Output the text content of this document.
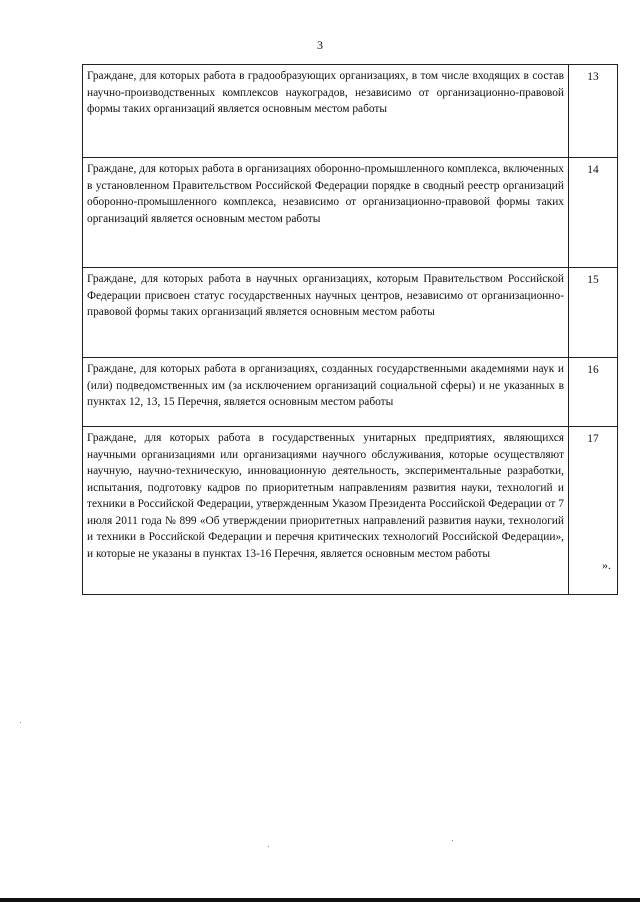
3
Граждане, для которых работа в градообразующих организациях, в том числе входящих в состав научно-производственных комплексов наукоградов, независимо от организационно-правовой формы таких организаций является основным местом работы	13
Граждане, для которых работа в организациях оборонно-промышленного комплекса, включенных в установленном Правительством Российской Федерации порядке в сводный реестр организаций оборонно-промышленного комплекса, независимо от организационно-правовой формы таких организаций является основным местом работы	14
Граждане, для которых работа в научных организациях, которым Правительством Российской Федерации присвоен статус государственных научных центров, независимо от организационно-правовой формы таких организаций является основным местом работы	15
Граждане, для которых работа в организациях, созданных государственными академиями наук и (или) подведомственных им (за исключением организаций социальной сферы) и не указанных в пунктах 12, 13, 15 Перечня, является основным местом работы	16
Граждане, для которых работа в государственных унитарных предприятиях, являющихся научными организациями или организациями научного обслуживания, которые осуществляют научную, научно-техническую, инновационную деятельность, экспериментальные разработки, испытания, подготовку кадров по приоритетным направлениям развития науки, технологий и техники в Российской Федерации, утвержденным Указом Президента Российской Федерации от 7 июля 2011 года № 899 «Об утверждении приоритетных направлений развития науки, технологий и техники в Российской Федерации и перечня критических технологий Российской Федерации», и которые не указаны в пунктах 13-16 Перечня, является основным местом работы	17
».
